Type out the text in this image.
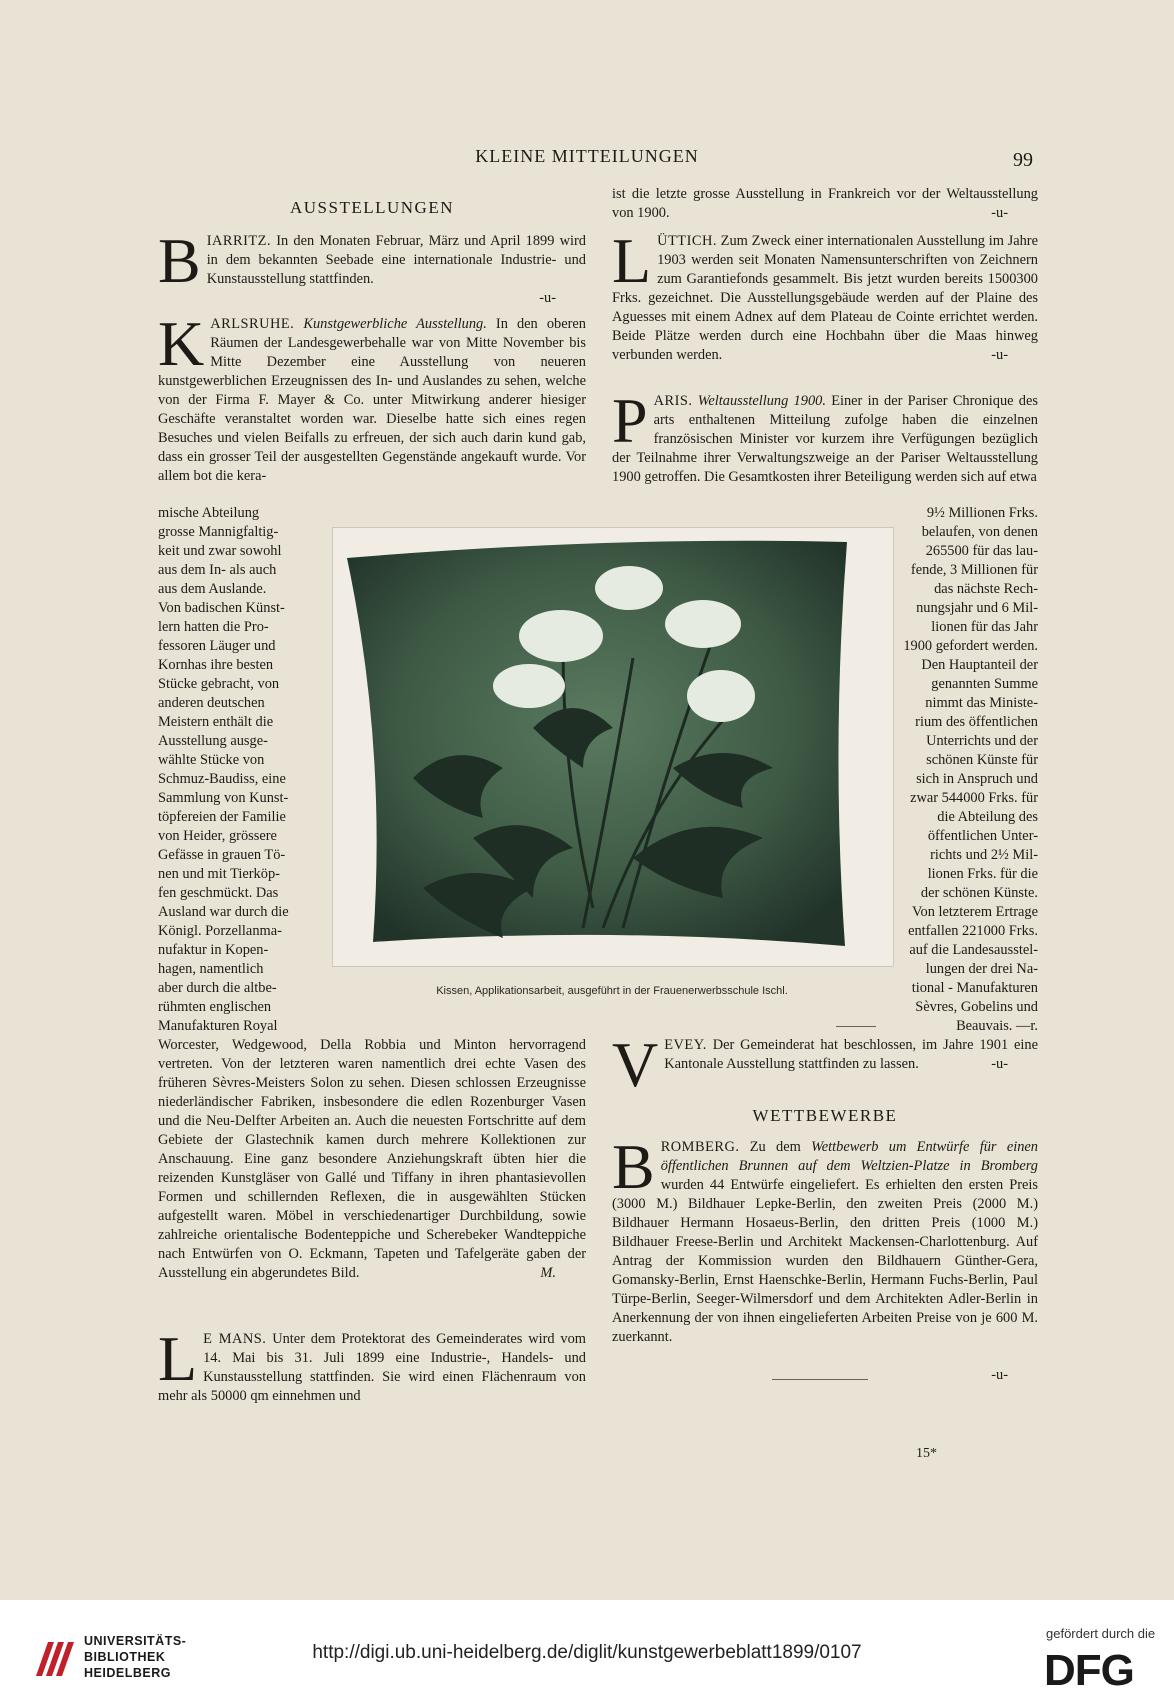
KLEINE MITTEILUNGEN	99
AUSSTELLUNGEN

B IARRITZ. In den Monaten Februar, März und April 1899 wird in dem bekannten Seebade eine internationale Industrie- und Kunstausstellung stattfinden.

-u-

K ARLSRUHE. Kunstgewerbliche Ausstellung. In den oberen Räumen der Landesgewerbehalle war von Mitte November bis Mitte Dezember eine Ausstellung von neueren kunstgewerblichen Erzeugnissen des In- und Auslandes zu sehen, welche von der Firma F. Mayer & Co. unter Mitwirkung anderer hiesiger Geschäfte veranstaltet worden war. Dieselbe hatte sich eines regen Besuches und vielen Beifalls zu erfreuen, der sich auch darin kund gab, dass ein grosser Teil der ausgestellten Gegenstände angekauft wurde. Vor allem bot die kera-

mische Abteilung
grosse Mannigfaltig-
keit und zwar sowohl
aus dem In- als auch
aus dem Auslande.
Von badischen Künst-
lern hatten die Pro-
fessoren Läuger und
Kornhas ihre besten
Stücke gebracht, von
anderen deutschen
Meistern enthält die
Ausstellung ausge-
wählte Stücke von
Schmuz-Baudiss, eine
Sammlung von Kunst-
töpfereien der Familie
von Heider, grössere
Gefässe in grauen Tö-
nen und mit Tierköp-
fen geschmückt. Das
Ausland war durch die
Königl. Porzellanma-
nufaktur in Kopen-
hagen, namentlich
aber durch die altbe-
rühmten englischen
Manufakturen Royal

Worcester, Wedgewood, Della Robbia und Minton hervorragend vertreten. Von der letzteren waren namentlich drei echte Vasen des früheren Sèvres-Meisters Solon zu sehen. Diesen schlossen Erzeugnisse niederländischer Fabriken, insbesondere die edlen Rozenburger Vasen und die Neu-Delfter Arbeiten an. Auch die neuesten Fortschritte auf dem Gebiete der Glastechnik kamen durch mehrere Kollektionen zur Anschauung. Eine ganz besondere Anziehungskraft übten hier die reizenden Kunstgläser von Gallé und Tiffany in ihren phantasievollen Formen und schillernden Reflexen, die in ausgewählten Stücken aufgestellt waren. Möbel in verschiedenartiger Durchbildung, sowie zahlreiche orientalische Bodenteppiche und Scherebeker Wandteppiche nach Entwürfen von O. Eckmann, Tapeten und Tafelgeräte gaben der Ausstellung ein abgerundetes Bild.	M.

L E MANS. Unter dem Protektorat des Gemeinderates wird vom 14. Mai bis 31. Juli 1899 eine Industrie-, Handels- und Kunstausstellung stattfinden. Sie wird einen Flächenraum von mehr als 50000 qm einnehmen und

ist die letzte grosse Ausstellung in Frankreich vor der Weltausstellung von 1900.	-u-

L ÜTTICH. Zum Zweck einer internationalen Ausstellung im Jahre 1903 werden seit Monaten Namensunterschriften von Zeichnern zum Garantiefonds gesammelt. Bis jetzt wurden bereits 1500300 Frks. gezeichnet. Die Ausstellungsgebäude werden auf der Plaine des Aguesses mit einem Adnex auf dem Plateau de Cointe errichtet werden. Beide Plätze werden durch eine Hochbahn über die Maas hinweg verbunden werden.	-u-

P ARIS. Weltausstellung 1900. Einer in der Pariser Chronique des arts enthaltenen Mitteilung zufolge haben die einzelnen französischen Minister vor kurzem ihre Verfügungen bezüglich der Teilnahme ihrer Verwaltungszweige an der Pariser Weltausstellung 1900 getroffen. Die Gesamtkosten ihrer Beteiligung werden sich auf etwa

9½ Millionen Frks.
belaufen, von denen
265500 für das lau-
fende, 3 Millionen für
das nächste Rech-
nungsjahr und 6 Mil-
lionen für das Jahr
1900 gefordert werden.
Den Hauptanteil der
genannten Summe
nimmt das Ministe-
rium des öffentlichen
Unterrichts und der
schönen Künste für
sich in Anspruch und
zwar 544000 Frks. für
die Abteilung des
öffentlichen Unter-
richts und 2½ Mil-
lionen Frks. für die
der schönen Künste.
Von letzterem Ertrage
entfallen 221000 Frks.
auf die Landesausstel-
lungen der drei Na-
tional - Manufakturen
Sèvres, Gobelins und
Beauvais. —r.

V EVEY. Der Gemeinderat hat beschlossen, im Jahre 1901 eine Kantonale Ausstellung stattfinden zu lassen.	-u-

WETTBEWERBE

B ROMBERG. Zu dem Wettbewerb um Entwürfe für einen öffentlichen Brunnen auf dem Weltzien-Platze in Bromberg wurden 44 Entwürfe eingeliefert. Es erhielten den ersten Preis (3000 M.) Bildhauer Lepke-Berlin, den zweiten Preis (2000 M.) Bildhauer Hermann Hosaeus-Berlin, den dritten Preis (1000 M.) Bildhauer Freese-Berlin und Architekt Mackensen-Charlottenburg. Auf Antrag der Kommission wurden den Bildhauern Günther-Gera, Gomansky-Berlin, Ernst Haenschke-Berlin, Hermann Fuchs-Berlin, Paul Türpe-Berlin, Seeger-Wilmersdorf und dem Architekten Adler-Berlin in Anerkennung der von ihnen eingelieferten Arbeiten Preise von je 600 M. zuerkannt.

-u-

15*
Kissen, Applikationsarbeit, ausgeführt in der Frauenerwerbsschule Ischl.
UNIVERSITÄTS-
BIBLIOTHEK
HEIDELBERG
http://digi.ub.uni-heidelberg.de/diglit/kunstgewerbeblatt1899/0107
gefördert durch die
DFG
